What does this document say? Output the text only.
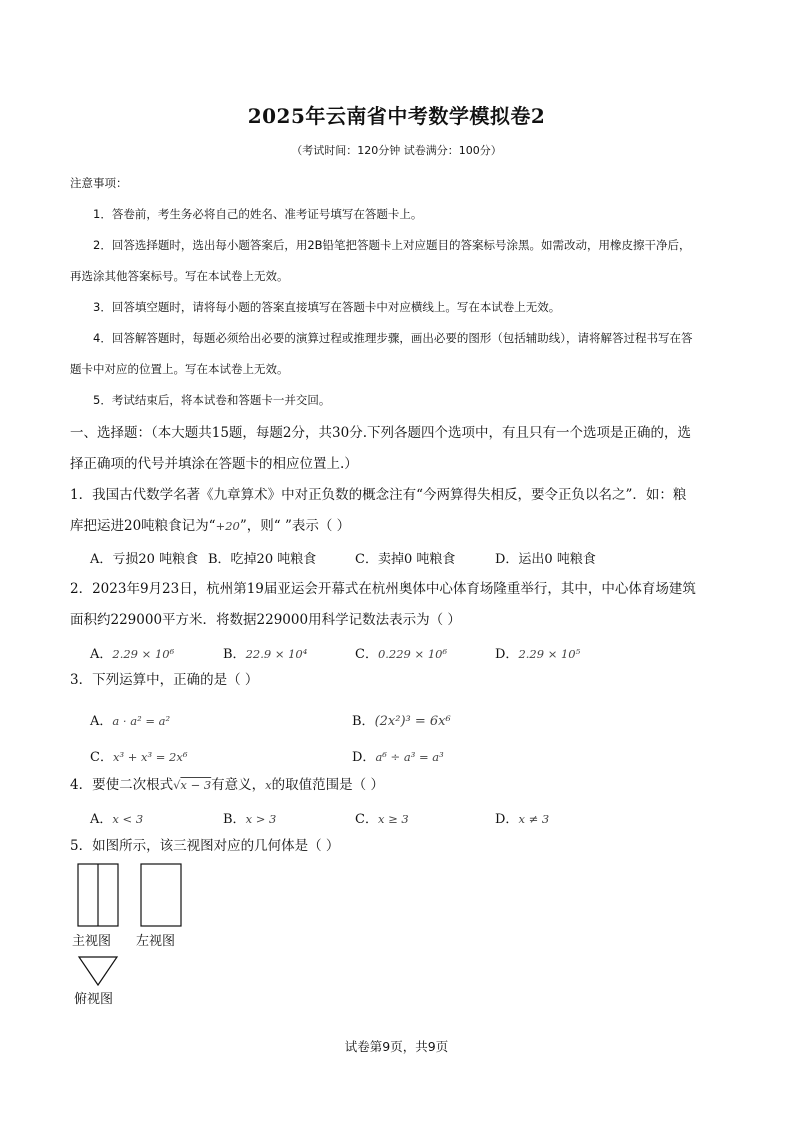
2025年云南省中考数学模拟卷2
（考试时间：120分钟 试卷满分：100分）
注意事项：
1．答卷前，考生务必将自己的姓名、准考证号填写在答题卡上。
2．回答选择题时，选出每小题答案后，用2B铅笔把答题卡上对应题目的答案标号涂黑。如需改动，用橡皮擦干净后，
再选涂其他答案标号。写在本试卷上无效。
3．回答填空题时，请将每小题的答案直接填写在答题卡中对应横线上。写在本试卷上无效。
4．回答解答题时，每题必须给出必要的演算过程或推理步骤，画出必要的图形（包括辅助线），请将解答过程书写在答
题卡中对应的位置上。写在本试卷上无效。
5．考试结束后，将本试卷和答题卡一并交回。
一、选择题：（本大题共15题，每题2分，共30分.下列各题四个选项中，有且只有一个选项是正确的，选
择正确项的代号并填涂在答题卡的相应位置上.）
1．我国古代数学名著《九章算术》中对正负数的概念注有“今两算得失相反，要令正负以名之”．如：粮
库把运进20吨粮食记为“+20”，则“ ”表示（ ）
A．亏损20 吨粮食 B．吃掉20 吨粮食	C．卖掉0 吨粮食	D．运出0 吨粮食
2．2023年9月23日，杭州第19届亚运会开幕式在杭州奥体中心体育场隆重举行，其中，中心体育场建筑
面积约229000平方米．将数据229000用科学记数法表示为（ ）
A．2.29 × 10⁶	B．22.9 × 10⁴	C．0.229 × 10⁶	D．2.29 × 10⁵
3．下列运算中，正确的是（ ）
A．a · a² = a²	B．(2x²)³ = 6x⁶
C．x³ + x³ = 2x⁶	D．a⁶ ÷ a³ = a³
4．要使二次根式√x − 3有意义，x的取值范围是（ ）
A．x < 3	B．x > 3	C．x ≥ 3	D．x ≠ 3
5．如图所示，该三视图对应的几何体是（ ）
主视图 左视图
俯视图
试卷第9页，共9页
